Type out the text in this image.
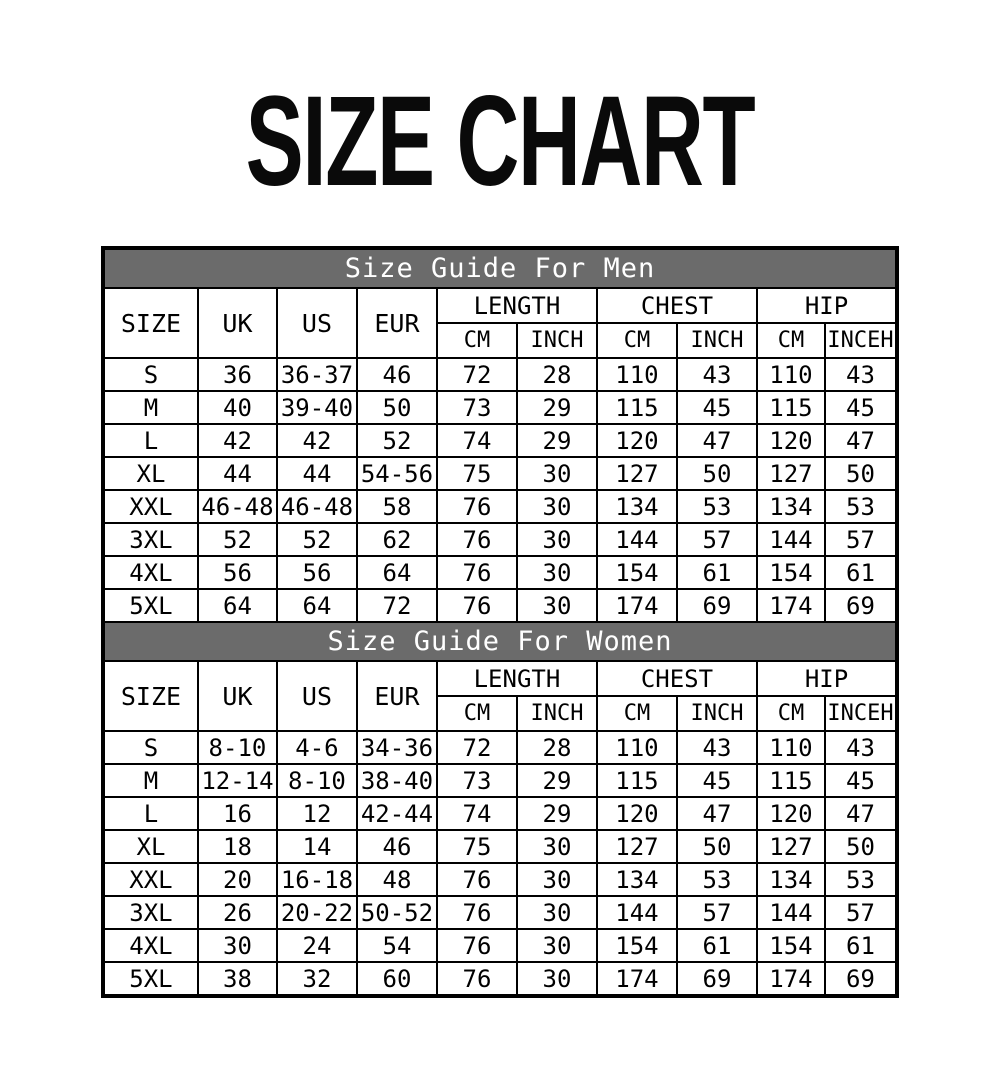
SIZE CHART
Size Guide For Men									
SIZE	UK	US	EUR	LENGTH		CHEST		HIP	
				CM	INCH	CM	INCH	CM	INCEH
S	36	36-37	46	72	28	110	43	110	43
M	40	39-40	50	73	29	115	45	115	45
L	42	42	52	74	29	120	47	120	47
XL	44	44	54-56	75	30	127	50	127	50
XXL	46-48	46-48	58	76	30	134	53	134	53
3XL	52	52	62	76	30	144	57	144	57
4XL	56	56	64	76	30	154	61	154	61
5XL	64	64	72	76	30	174	69	174	69
Size Guide For Women									
SIZE	UK	US	EUR	LENGTH		CHEST		HIP	
				CM	INCH	CM	INCH	CM	INCEH
S	8-10	4-6	34-36	72	28	110	43	110	43
M	12-14	8-10	38-40	73	29	115	45	115	45
L	16	12	42-44	74	29	120	47	120	47
XL	18	14	46	75	30	127	50	127	50
XXL	20	16-18	48	76	30	134	53	134	53
3XL	26	20-22	50-52	76	30	144	57	144	57
4XL	30	24	54	76	30	154	61	154	61
5XL	38	32	60	76	30	174	69	174	69
